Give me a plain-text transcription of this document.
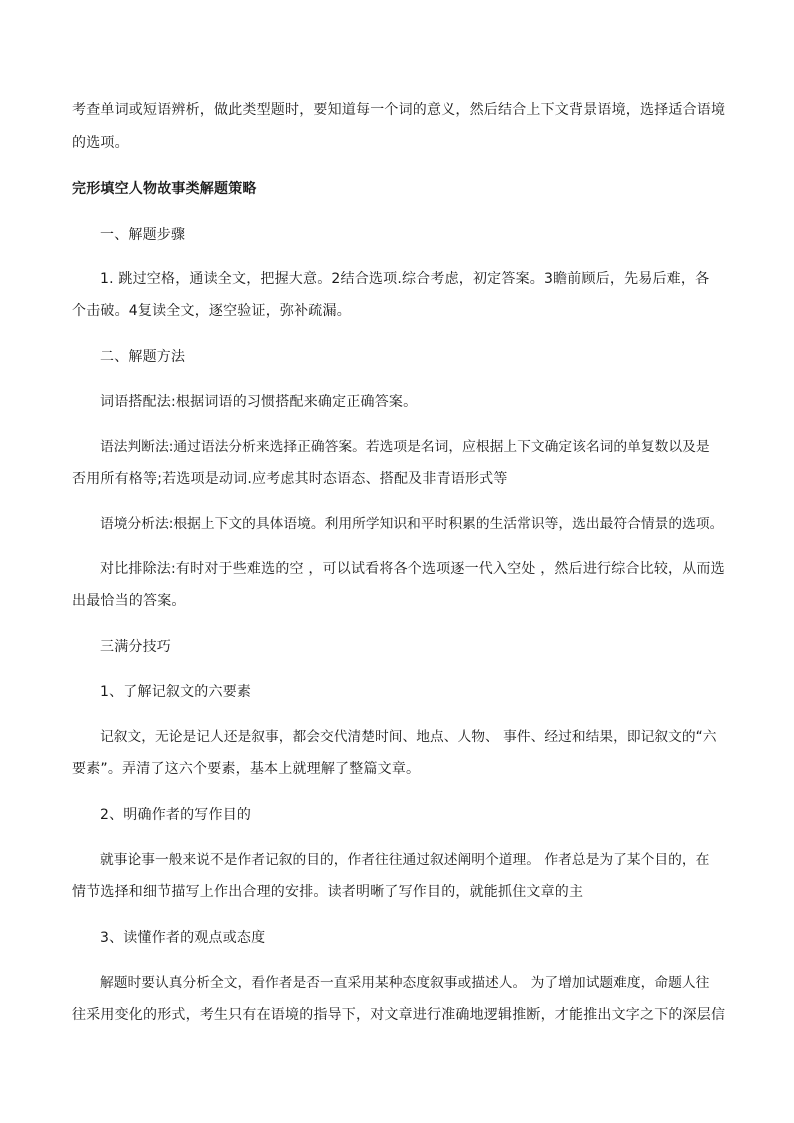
考查单词或短语辨析，做此类型题时，要知道每一个词的意义，然后结合上下文背景语境，选择适合语境
的选项。
完形填空人物故事类解题策略
一、解题步骤
1. 跳过空格，通读全文，把握大意。2结合选项.综合考虑，初定答案。3瞻前顾后，先易后难，各
个击破。4复读全文，逐空验证，弥补疏漏。
二、解题方法
词语搭配法:根据词语的习惯搭配来确定正确答案。
语法判断法:通过语法分析来选择正确答案。若选项是名词，应根据上下文确定该名词的单复数以及是
否用所有格等;若选项是动词.应考虑其时态语态、搭配及非青语形式等
语境分析法:根据上下文的具体语境。利用所学知识和平时积累的生活常识等，选出最符合情景的选项。
对比排除法:有时对于些难选的空 ，可以试看将各个选项逐一代入空处 ，然后进行综合比较，从而选
出最恰当的答案。
三满分技巧
1、了解记叙文的六要素
记叙文，无论是记人还是叙事，都会交代清楚时间、地点、人物、 事件、经过和结果，即记叙文的“六
要素”。弄清了这六个要素，基本上就理解了整篇文章。
2、明确作者的写作目的
就事论事一般来说不是作者记叙的目的，作者往往通过叙述阐明个道理。 作者总是为了某个目的，在
情节选择和细节描写上作出合理的安排。读者明晰了写作目的，就能抓住文章的主
3、读懂作者的观点或态度
解题时要认真分析全文，看作者是否一直采用某种态度叙事或描述人。 为了增加试题难度，命题人往
往采用变化的形式，考生只有在语境的指导下，对文章进行准确地逻辑推断，才能推出文字之下的深层信
